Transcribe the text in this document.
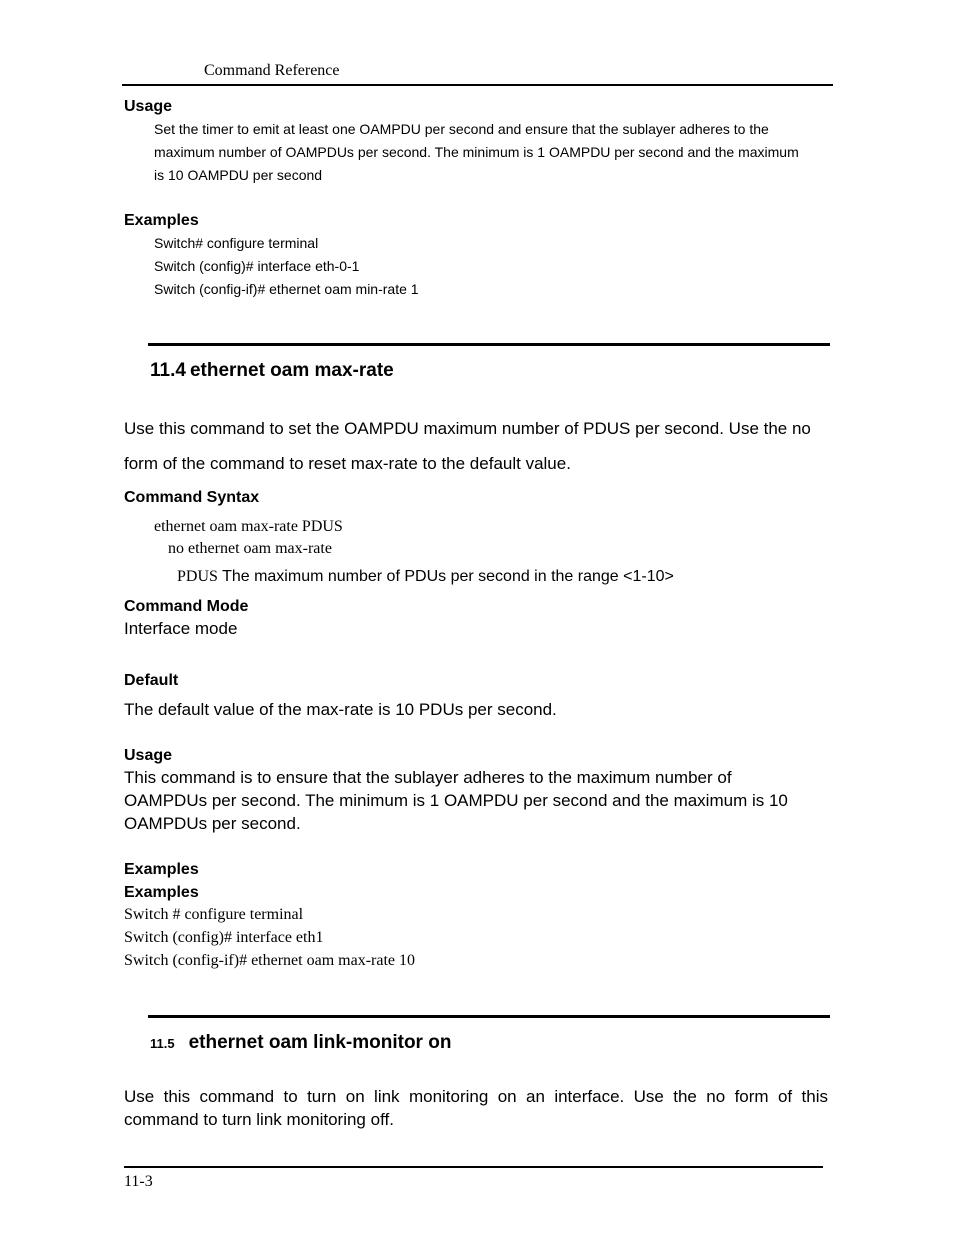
Command Reference
Usage
Set the timer to emit at least one OAMPDU per second and ensure that the sublayer adheres to the
maximum number of OAMPDUs per second. The minimum is 1 OAMPDU per second and the maximum
is 10 OAMPDU per second
Examples
Switch# configure terminal
Switch (config)# interface eth-0-1
Switch (config-if)# ethernet oam min-rate 1
11.4 ethernet oam max-rate
Use this command to set the OAMPDU maximum number of PDUS per second. Use the no
form of the command to reset max-rate to the default value.
Command Syntax
ethernet oam max-rate PDUS
no ethernet oam max-rate
PDUS The maximum number of PDUs per second in the range <1-10>
Command Mode
Interface mode
Default
The default value of the max-rate is 10 PDUs per second.
Usage
This command is to ensure that the sublayer adheres to the maximum number of
OAMPDUs per second. The minimum is 1 OAMPDU per second and the maximum is 10
OAMPDUs per second.
Examples
Examples
Switch # configure terminal
Switch (config)# interface eth1
Switch (config-if)# ethernet oam max-rate 10
11.5 ethernet oam link-monitor on
Use this command to turn on link monitoring on an interface. Use the no form of this command to turn link monitoring off.
11-3
